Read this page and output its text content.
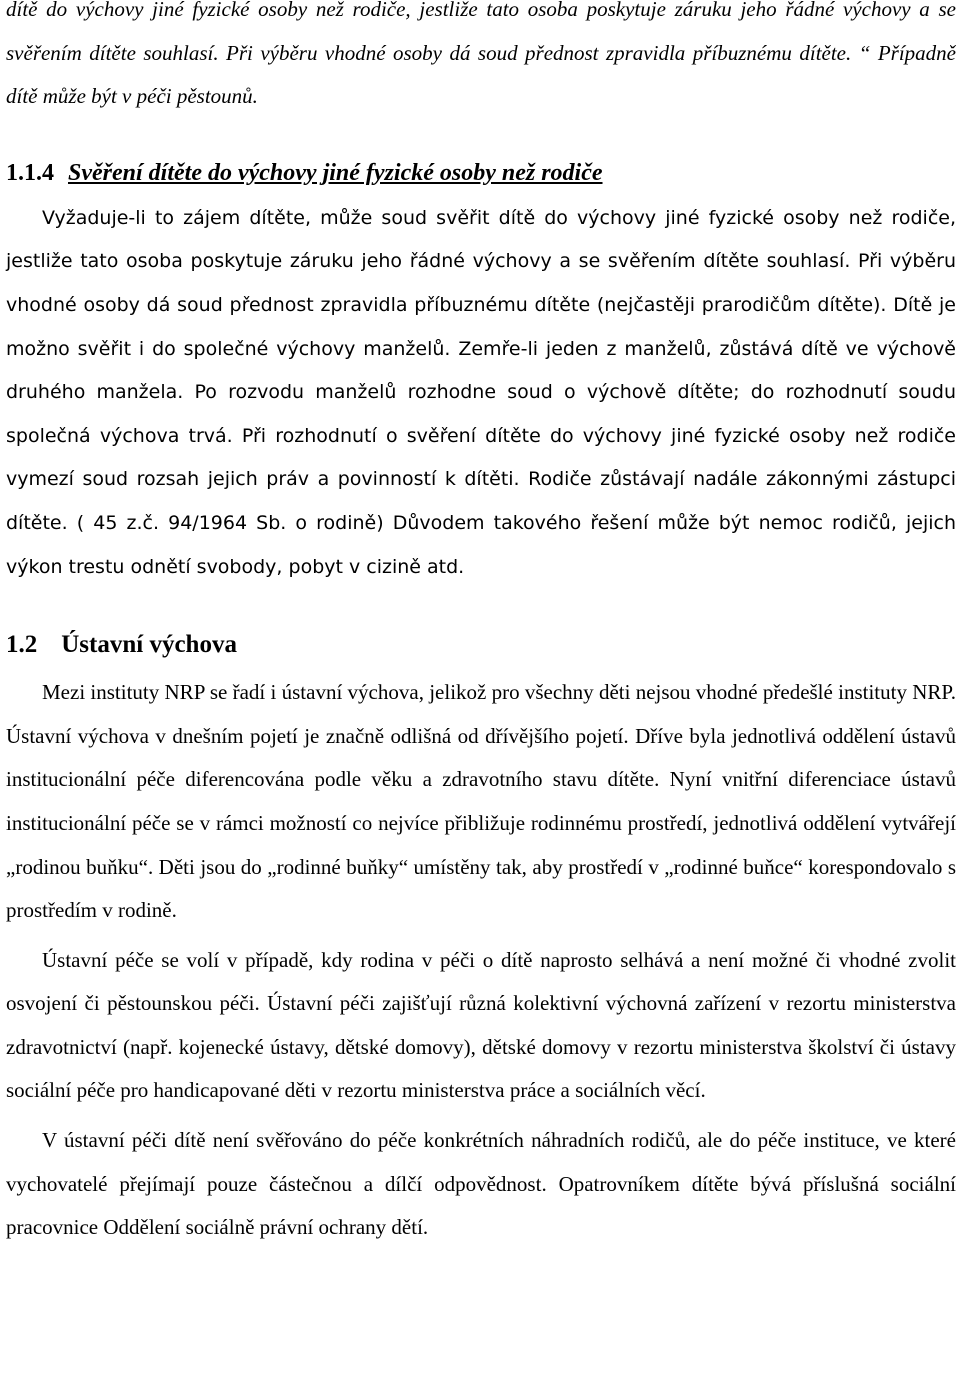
dítě do výchovy jiné fyzické osoby než rodiče, jestliže tato osoba poskytuje záruku jeho řádné výchovy a se svěřením dítěte souhlasí. Při výběru vhodné osoby dá soud přednost zpravidla příbuznému dítěte. “ Případně dítě může být v péči pěstounů.

1.1.4 Svěření dítěte do výchovy jiné fyzické osoby než rodiče

Vyžaduje-li to zájem dítěte, může soud svěřit dítě do výchovy jiné fyzické osoby než rodiče, jestliže tato osoba poskytuje záruku jeho řádné výchovy a se svěřením dítěte souhlasí. Při výběru vhodné osoby dá soud přednost zpravidla příbuznému dítěte (nejčastěji prarodičům dítěte). Dítě je možno svěřit i do společné výchovy manželů. Zemře-li jeden z manželů, zůstává dítě ve výchově druhého manžela. Po rozvodu manželů rozhodne soud o výchově dítěte; do rozhodnutí soudu společná výchova trvá. Při rozhodnutí o svěření dítěte do výchovy jiné fyzické osoby než rodiče vymezí soud rozsah jejich práv a povinností k dítěti. Rodiče zůstávají nadále zákonnými zástupci dítěte. ( 45 z.č. 94/1964 Sb. o rodině) Důvodem takového řešení může být nemoc rodičů, jejich výkon trestu odnětí svobody, pobyt v cizině atd.

1.2 Ústavní výchova

Mezi instituty NRP se řadí i ústavní výchova, jelikož pro všechny děti nejsou vhodné předešlé instituty NRP. Ústavní výchova v dnešním pojetí je značně odlišná od dřívějšího pojetí. Dříve byla jednotlivá oddělení ústavů institucionální péče diferencována podle věku a zdravotního stavu dítěte. Nyní vnitřní diferenciace ústavů institucionální péče se v rámci možností co nejvíce přibližuje rodinnému prostředí, jednotlivá oddělení vytvářejí „rodinou buňku“. Děti jsou do „rodinné buňky“ umístěny tak, aby prostředí v „rodinné buňce“ korespondovalo s prostředím v rodině.

Ústavní péče se volí v případě, kdy rodina v péči o dítě naprosto selhává a není možné či vhodné zvolit osvojení či pěstounskou péči. Ústavní péči zajišťují různá kolektivní výchovná zařízení v rezortu ministerstva zdravotnictví (např. kojenecké ústavy, dětské domovy), dětské domovy v rezortu ministerstva školství či ústavy sociální péče pro handicapované děti v rezortu ministerstva práce a sociálních věcí.

V ústavní péči dítě není svěřováno do péče konkrétních náhradních rodičů, ale do péče instituce, ve které vychovatelé přejímají pouze částečnou a dílčí odpovědnost. Opatrovníkem dítěte bývá příslušná sociální pracovnice Oddělení sociálně právní ochrany dětí.
